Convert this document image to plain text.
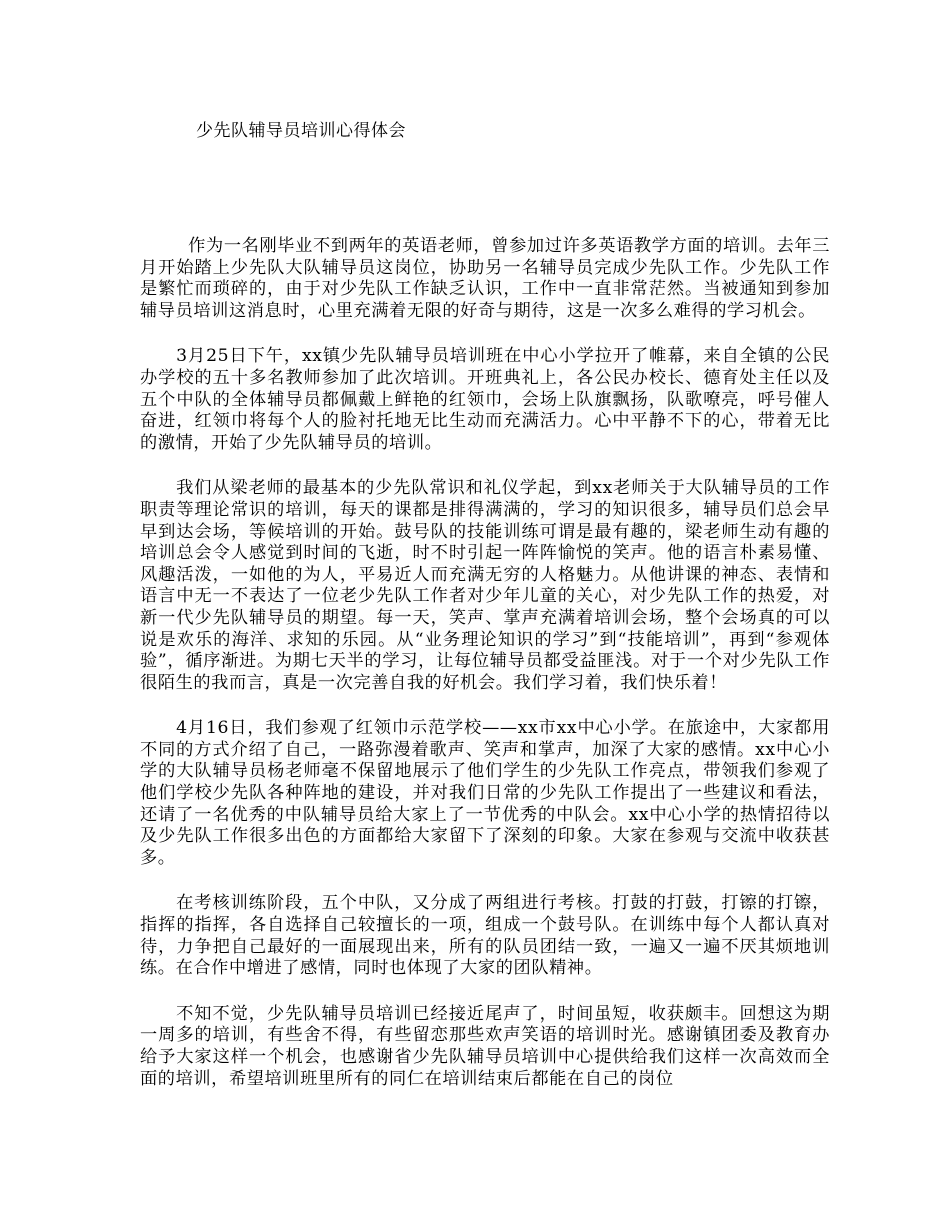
少先队辅导员培训心得体会

作为一名刚毕业不到两年的英语老师，曾参加过许多英语教学方面的培训。去年三月开始踏上少先队大队辅导员这岗位，协助另一名辅导员完成少先队工作。少先队工作是繁忙而琐碎的，由于对少先队工作缺乏认识，工作中一直非常茫然。当被通知到参加辅导员培训这消息时，心里充满着无限的好奇与期待，这是一次多么难得的学习机会。

3月25日下午，xx镇少先队辅导员培训班在中心小学拉开了帷幕，来自全镇的公民办学校的五十多名教师参加了此次培训。开班典礼上，各公民办校长、德育处主任以及五个中队的全体辅导员都佩戴上鲜艳的红领巾，会场上队旗飘扬，队歌嘹亮，呼号催人奋进，红领巾将每个人的脸衬托地无比生动而充满活力。心中平静不下的心，带着无比的激情，开始了少先队辅导员的培训。

我们从梁老师的最基本的少先队常识和礼仪学起，到xx老师关于大队辅导员的工作职责等理论常识的培训，每天的课都是排得满满的，学习的知识很多，辅导员们总会早早到达会场，等候培训的开始。鼓号队的技能训练可谓是最有趣的，梁老师生动有趣的培训总会令人感觉到时间的飞逝，时不时引起一阵阵愉悦的笑声。他的语言朴素易懂、风趣活泼，一如他的为人，平易近人而充满无穷的人格魅力。从他讲课的神态、表情和语言中无一不表达了一位老少先队工作者对少年儿童的关心，对少先队工作的热爱，对新一代少先队辅导员的期望。每一天，笑声、掌声充满着培训会场，整个会场真的可以说是欢乐的海洋、求知的乐园。从“业务理论知识的学习”到“技能培训”，再到“参观体验”，循序渐进。为期七天半的学习，让每位辅导员都受益匪浅。对于一个对少先队工作很陌生的我而言，真是一次完善自我的好机会。我们学习着，我们快乐着！

4月16日，我们参观了红领巾示范学校——xx市xx中心小学。在旅途中，大家都用不同的方式介绍了自己，一路弥漫着歌声、笑声和掌声，加深了大家的感情。xx中心小学的大队辅导员杨老师毫不保留地展示了他们学生的少先队工作亮点，带领我们参观了他们学校少先队各种阵地的建设，并对我们日常的少先队工作提出了一些建议和看法，还请了一名优秀的中队辅导员给大家上了一节优秀的中队会。xx中心小学的热情招待以及少先队工作很多出色的方面都给大家留下了深刻的印象。大家在参观与交流中收获甚多。

在考核训练阶段，五个中队，又分成了两组进行考核。打鼓的打鼓，打镲的打镲，指挥的指挥，各自选择自己较擅长的一项，组成一个鼓号队。在训练中每个人都认真对待，力争把自己最好的一面展现出来，所有的队员团结一致，一遍又一遍不厌其烦地训练。在合作中增进了感情，同时也体现了大家的团队精神。

不知不觉，少先队辅导员培训已经接近尾声了，时间虽短，收获颇丰。回想这为期一周多的培训，有些舍不得，有些留恋那些欢声笑语的培训时光。感谢镇团委及教育办给予大家这样一个机会，也感谢省少先队辅导员培训中心提供给我们这样一次高效而全面的培训，希望培训班里所有的同仁在培训结束后都能在自己的岗位
